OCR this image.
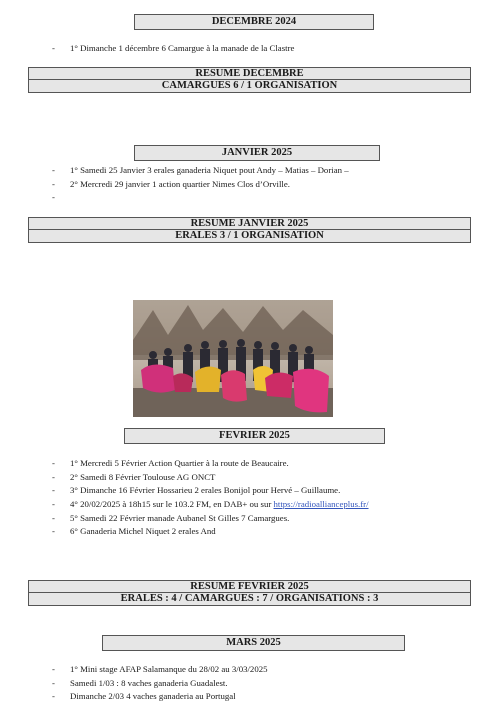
DECEMBRE 2024
- 1° Dimanche 1 décembre 6 Camargue à la manade de la Clastre
RESUME DECEMBRE
CAMARGUES 6 / 1 ORGANISATION
JANVIER 2025
- 1° Samedi 25 Janvier 3 erales ganaderia Niquet pout Andy – Matias – Dorian –
- 2° Mercredi 29 janvier 1 action quartier Nimes Clos d’Orville.
-
RESUME JANVIER 2025
ERALES 3 / 1 ORGANISATION
FEVRIER 2025
- 1° Mercredi 5 Février Action Quartier à la route de Beaucaire.
- 2° Samedi 8 Février Toulouse AG ONCT
- 3° Dimanche 16 Février Hossarieu 2 erales Bonijol pour Hervé – Guillaume.
- 4° 20/02/2025 à 18h15 sur le 103.2 FM, en DAB+ ou sur https://radioallianceplus.fr/
- 5° Samedi 22 Février manade Aubanel St Gilles 7 Camargues.
- 6° Ganaderia Michel Niquet 2 erales And
RESUME FEVRIER 2025
ERALES : 4 / CAMARGUES : 7 / ORGANISATIONS : 3
MARS 2025
- 1° Mini stage AFAP Salamanque du 28/02 au 3/03/2025
- Samedi 1/03 : 8 vaches ganaderia Guadalest.
- Dimanche 2/03 4 vaches ganaderia au Portugal
